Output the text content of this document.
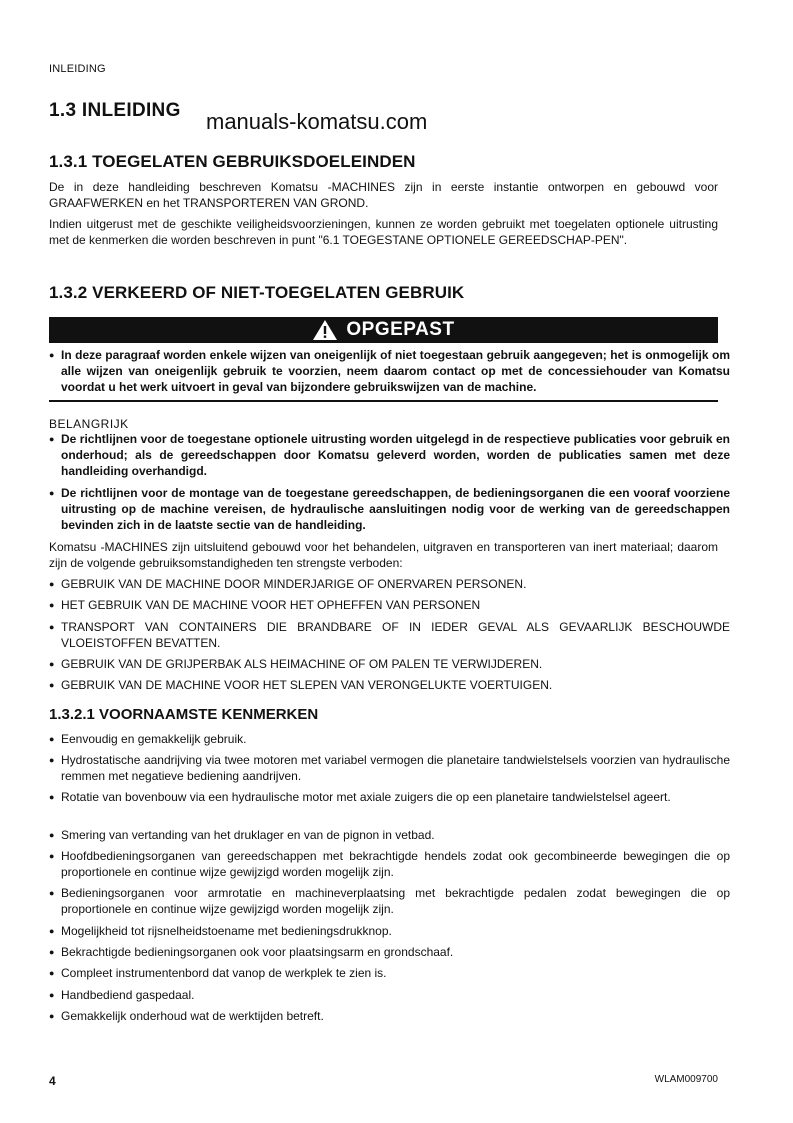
INLEIDING
1.3 INLEIDING manuals-komatsu.com
1.3.1 TOEGELATEN GEBRUIKSDOELEINDEN
De in deze handleiding beschreven Komatsu -MACHINES zijn in eerste instantie ontworpen en gebouwd voor GRAAFWERKEN en het TRANSPORTEREN VAN GROND.
Indien uitgerust met de geschikte veiligheidsvoorzieningen, kunnen ze worden gebruikt met toegelaten optionele uitrusting met de kenmerken die worden beschreven in punt "6.1 TOEGESTANE OPTIONELE GEREEDSCHAP-PEN".
1.3.2 VERKEERD OF NIET-TOEGELATEN GEBRUIK
OPGEPAST
● In deze paragraaf worden enkele wijzen van oneigenlijk of niet toegestaan gebruik aangegeven; het is onmogelijk om alle wijzen van oneigenlijk gebruik te voorzien, neem daarom contact op met de concessiehouder van Komatsu voordat u het werk uitvoert in geval van bijzondere gebruikswijzen van de machine.
BELANGRIJK
● De richtlijnen voor de toegestane optionele uitrusting worden uitgelegd in de respectieve publicaties voor gebruik en onderhoud; als de gereedschappen door Komatsu geleverd worden, worden de publicaties samen met deze handleiding overhandigd.
● De richtlijnen voor de montage van de toegestane gereedschappen, de bedieningsorganen die een vooraf voorziene uitrusting op de machine vereisen, de hydraulische aansluitingen nodig voor de werking van de gereedschappen bevinden zich in de laatste sectie van de handleiding.
Komatsu -MACHINES zijn uitsluitend gebouwd voor het behandelen, uitgraven en transporteren van inert materiaal; daarom zijn de volgende gebruiksomstandigheden ten strengste verboden:
● GEBRUIK VAN DE MACHINE DOOR MINDERJARIGE OF ONERVAREN PERSONEN.
● HET GEBRUIK VAN DE MACHINE VOOR HET OPHEFFEN VAN PERSONEN
● TRANSPORT VAN CONTAINERS DIE BRANDBARE OF IN IEDER GEVAL ALS GEVAARLIJK BESCHOUWDE VLOEISTOFFEN BEVATTEN.
● GEBRUIK VAN DE GRIJPERBAK ALS HEIMACHINE OF OM PALEN TE VERWIJDEREN.
● GEBRUIK VAN DE MACHINE VOOR HET SLEPEN VAN VERONGELUKTE VOERTUIGEN.
1.3.2.1 VOORNAAMSTE KENMERKEN
● Eenvoudig en gemakkelijk gebruik.
● Hydrostatische aandrijving via twee motoren met variabel vermogen die planetaire tandwielstelsels voorzien van hydraulische remmen met negatieve bediening aandrijven.
● Rotatie van bovenbouw via een hydraulische motor met axiale zuigers die op een planetaire tandwielstelsel ageert.
● Smering van vertanding van het druklager en van de pignon in vetbad.
● Hoofdbedieningsorganen van gereedschappen met bekrachtigde hendels zodat ook gecombineerde bewegingen die op proportionele en continue wijze gewijzigd worden mogelijk zijn.
● Bedieningsorganen voor armrotatie en machineverplaatsing met bekrachtigde pedalen zodat bewegingen die op proportionele en continue wijze gewijzigd worden mogelijk zijn.
● Mogelijkheid tot rijsnelheidstoename met bedieningsdrukknop.
● Bekrachtigde bedieningsorganen ook voor plaatsingsarm en grondschaaf.
● Compleet instrumentenbord dat vanop de werkplek te zien is.
● Handbediend gaspedaal.
● Gemakkelijk onderhoud wat de werktijden betreft.
4	WLAM009700
